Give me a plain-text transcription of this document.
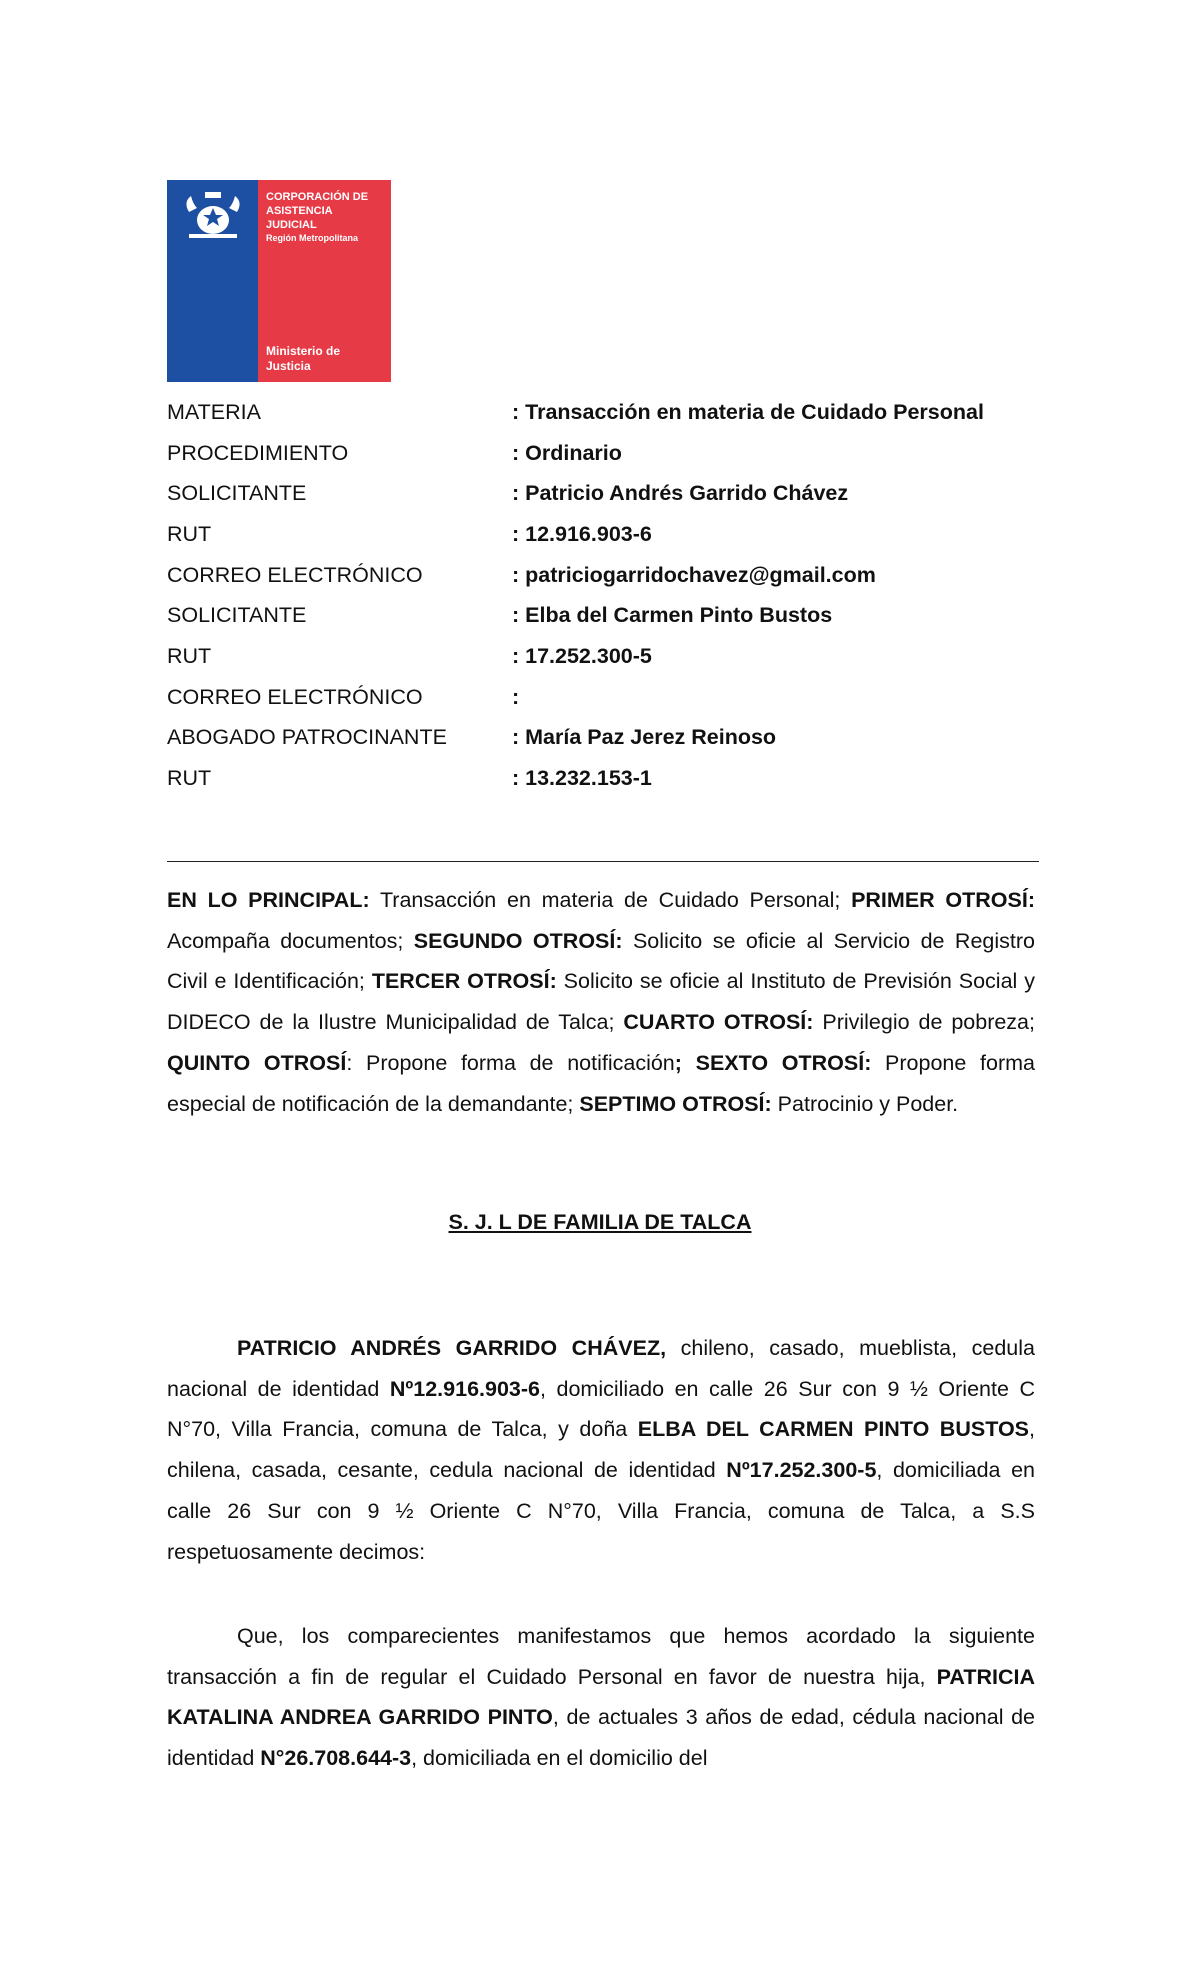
CORPORACIÓN DE
ASISTENCIA
JUDICIAL
Región Metropolitana
Ministerio de
Justicia
MATERIA	: Transacción en materia de Cuidado Personal
PROCEDIMIENTO	: Ordinario
SOLICITANTE	: Patricio Andrés Garrido Chávez
RUT	: 12.916.903-6
CORREO ELECTRÓNICO	: patriciogarridochavez@gmail.com
SOLICITANTE	: Elba del Carmen Pinto Bustos
RUT	: 17.252.300-5
CORREO ELECTRÓNICO	:
ABOGADO PATROCINANTE	: María Paz Jerez Reinoso
RUT	: 13.232.153-1
EN LO PRINCIPAL: Transacción en materia de Cuidado Personal; PRIMER OTROSÍ: Acompaña documentos; SEGUNDO OTROSÍ: Solicito se oficie al Servicio de Registro Civil e Identificación; TERCER OTROSÍ: Solicito se oficie al Instituto de Previsión Social y DIDECO de la Ilustre Municipalidad de Talca; CUARTO OTROSÍ: Privilegio de pobreza; QUINTO OTROSÍ: Propone forma de notificación; SEXTO OTROSÍ: Propone forma especial de notificación de la demandante; SEPTIMO OTROSÍ: Patrocinio y Poder.
S. J. L DE FAMILIA DE TALCA
PATRICIO ANDRÉS GARRIDO CHÁVEZ, chileno, casado, mueblista, cedula nacional de identidad Nº12.916.903-6, domiciliado en calle 26 Sur con 9 ½ Oriente C N°70, Villa Francia, comuna de Talca, y doña ELBA DEL CARMEN PINTO BUSTOS, chilena, casada, cesante, cedula nacional de identidad Nº17.252.300-5, domiciliada en calle 26 Sur con 9 ½ Oriente C N°70, Villa Francia, comuna de Talca, a S.S respetuosamente decimos:
Que, los comparecientes manifestamos que hemos acordado la siguiente transacción a fin de regular el Cuidado Personal en favor de nuestra hija, PATRICIA KATALINA ANDREA GARRIDO PINTO, de actuales 3 años de edad, cédula nacional de identidad N°26.708.644-3, domiciliada en el domicilio del
